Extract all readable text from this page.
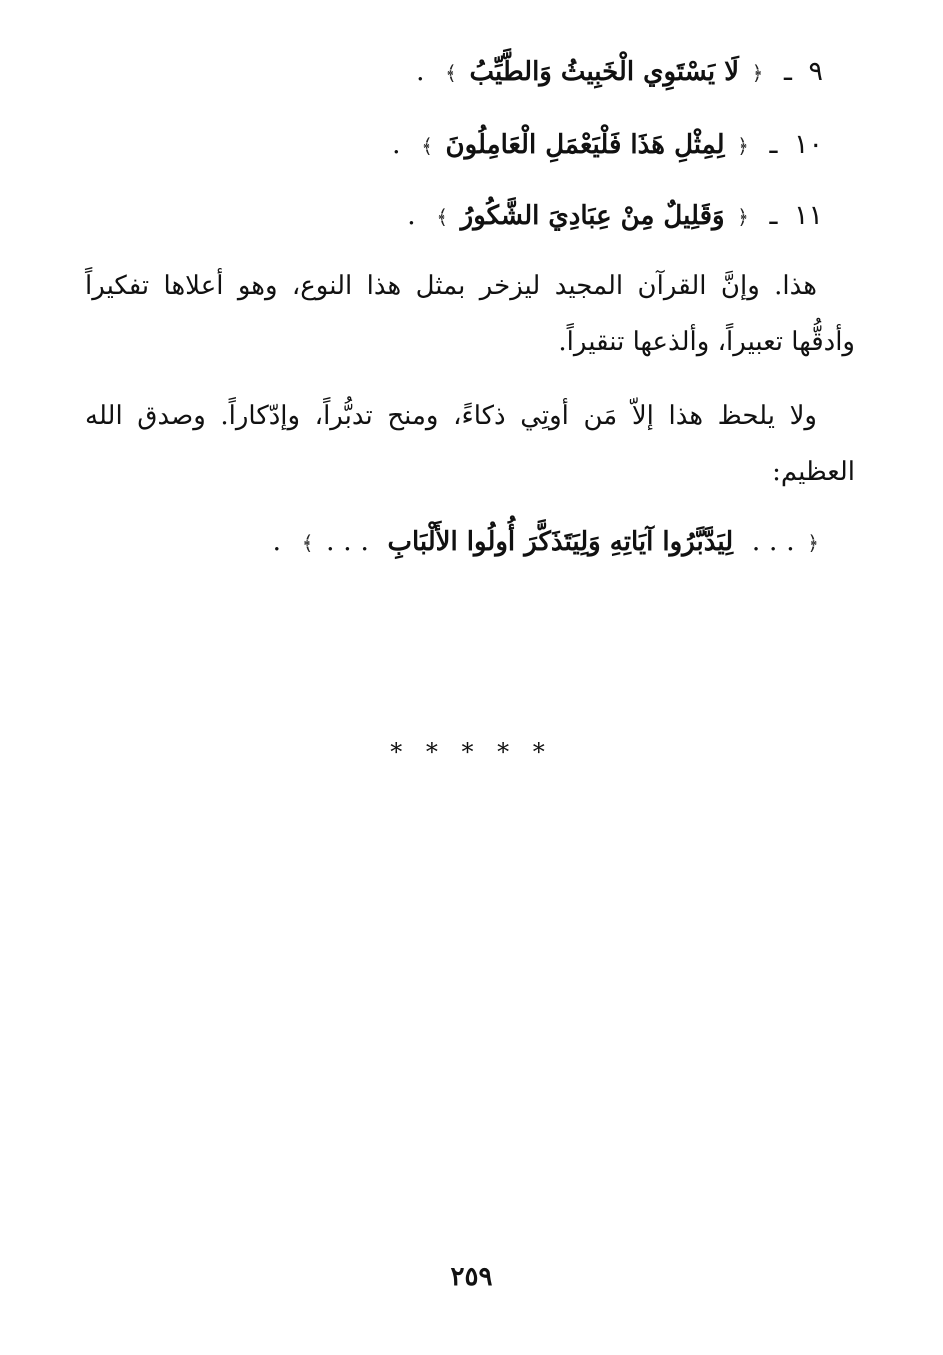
٩ ـ ﴿ لَا يَسْتَوِي الْخَبِيثُ وَالطَّيِّبُ ﴾ .
١٠ ـ ﴿ لِمِثْلِ هَذَا فَلْيَعْمَلِ الْعَامِلُونَ ﴾ .
١١ ـ ﴿ وَقَلِيلٌ مِنْ عِبَادِيَ الشَّكُورُ ﴾ .

هذا. وإنَّ القرآن المجيد ليزخر بمثل هذا النوع، وهو أعلاها تفكيراً وأدقُّها تعبيراً، وألذعها تنقيراً.

ولا يلحظ هذا إلاّ مَن أوتِي ذكاءً، ومنح تدبُّراً، وإدّكاراً. وصدق الله العظيم:

﴿ . . . لِيَدَّبَّرُوا آيَاتِهِ وَلِيَتَذَكَّرَ أُولُوا الأَلْبَابِ . . . ﴾ .
* * * * *
٢٥٩
